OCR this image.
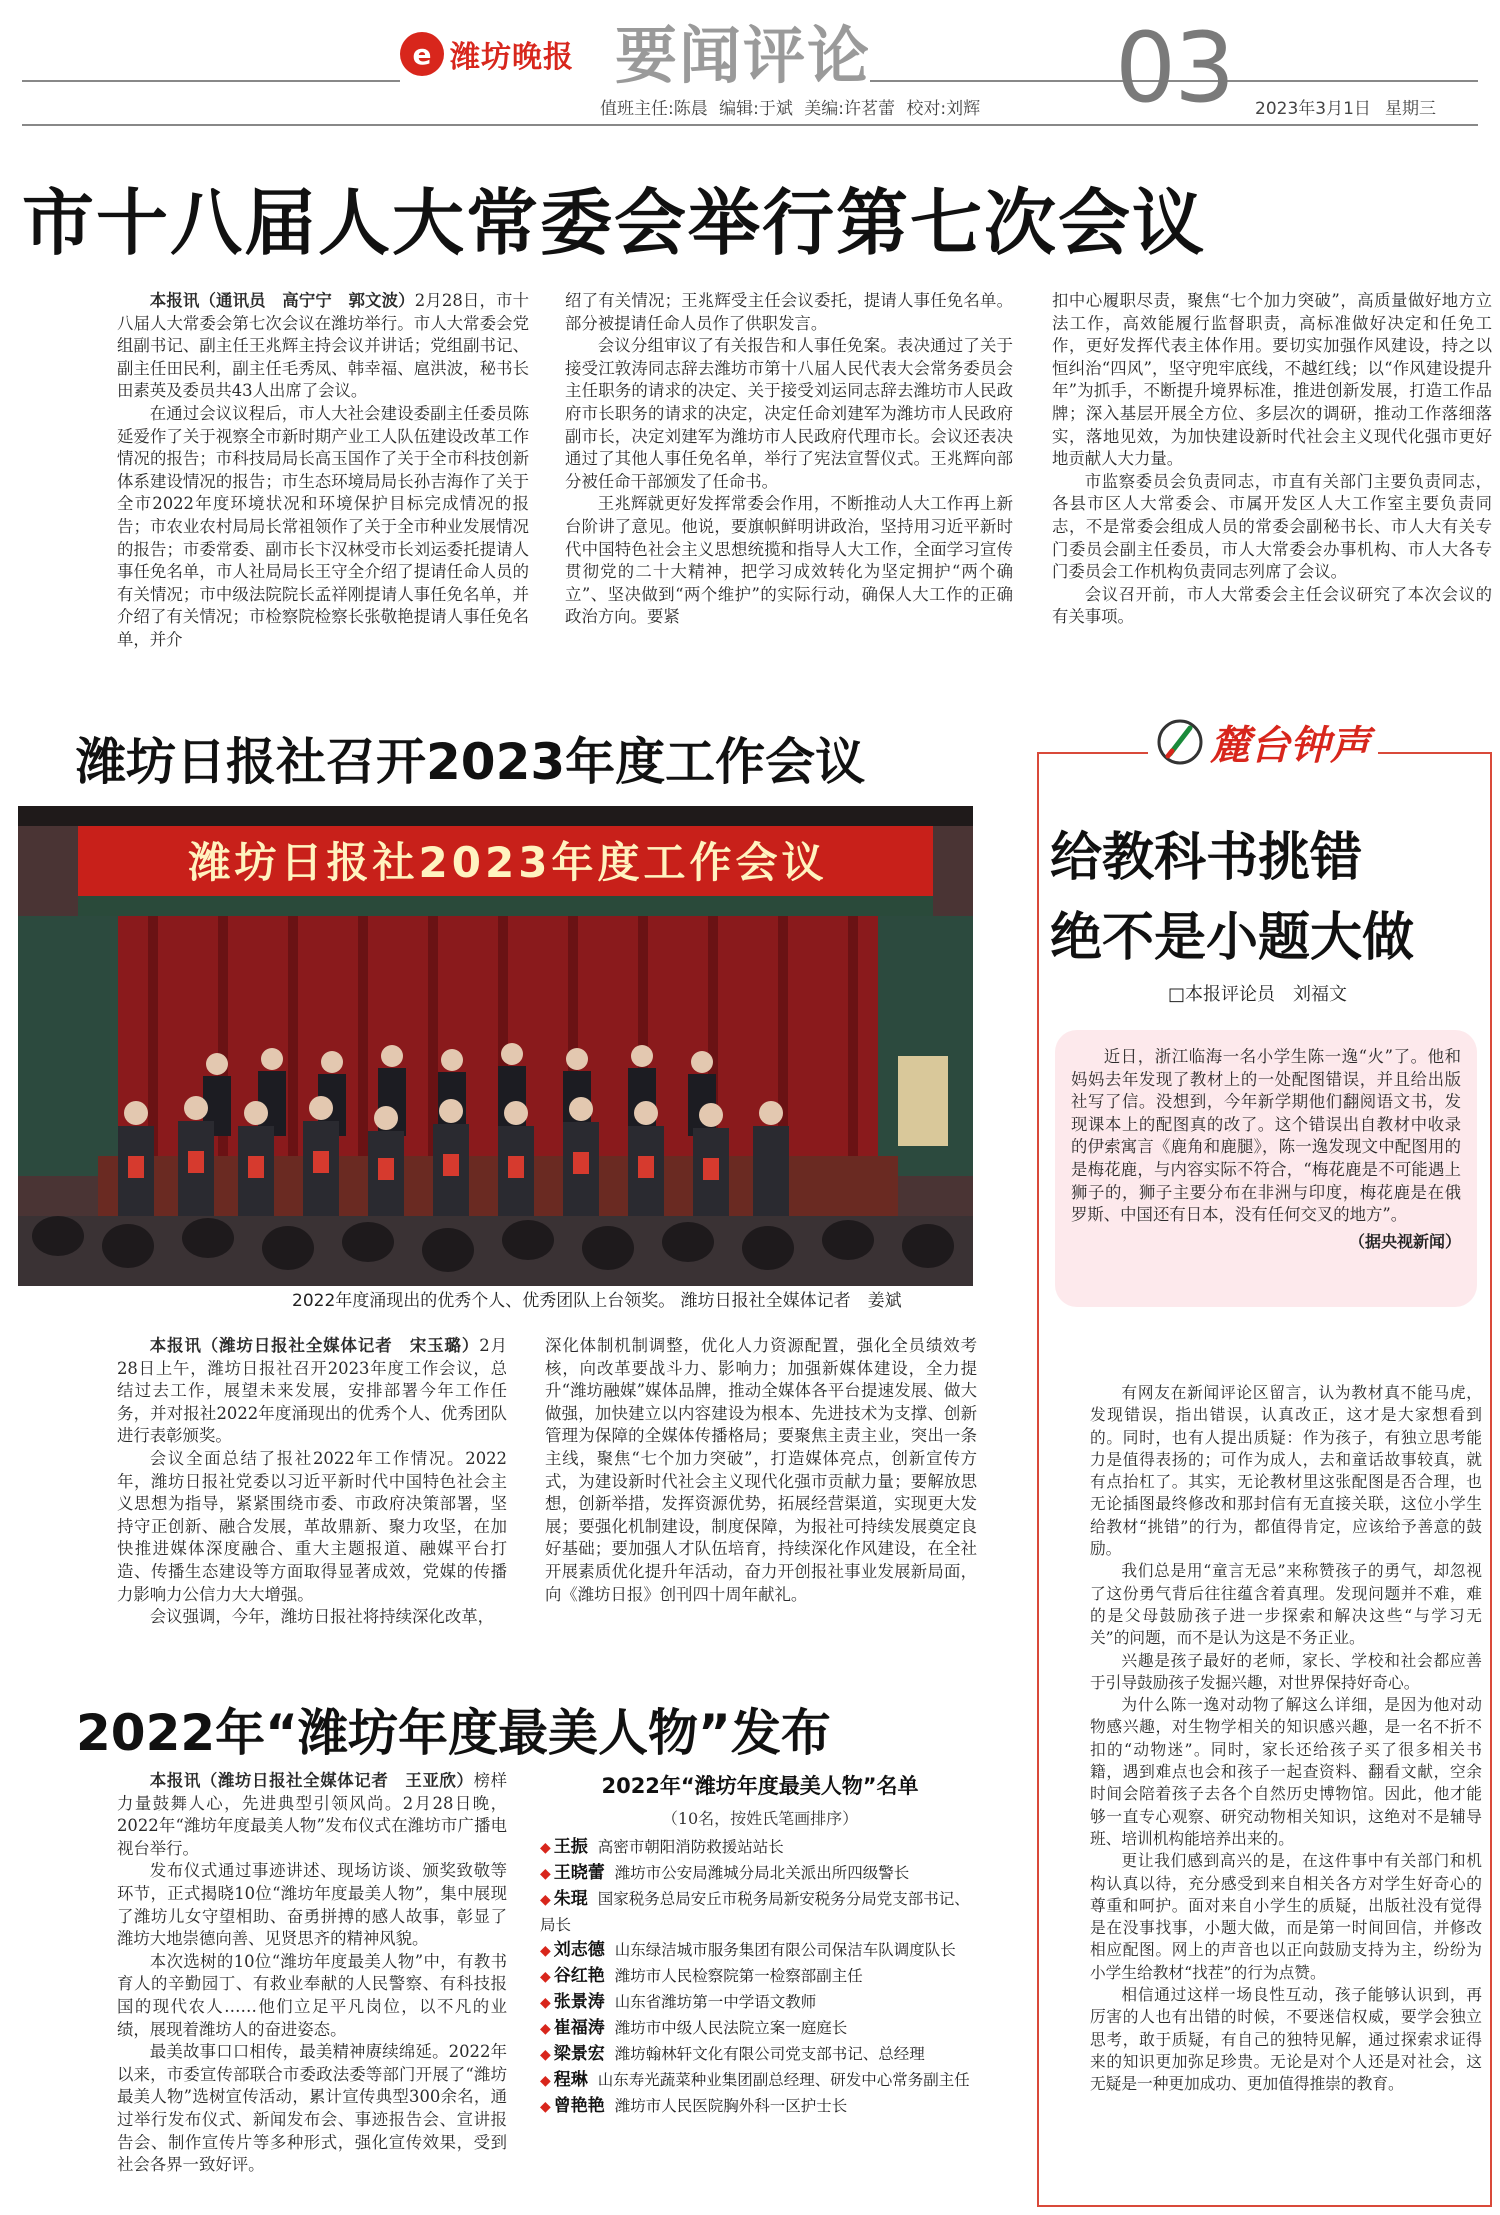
e 潍坊晚报 要闻评论	03
值班主任:陈晨 编辑:于斌 美编:许茗蕾 校对:刘辉	2023年3月1日 星期三
市十八届人大常委会举行第七次会议

本报讯（通讯员　高宁宁　郭文波）2月28日，市十八届人大常委会第七次会议在潍坊举行。市人大常委会党组副书记、副主任王兆辉主持会议并讲话；党组副书记、副主任田民利，副主任毛秀凤、韩幸福、扈洪波，秘书长田素英及委员共43人出席了会议。

在通过会议议程后，市人大社会建设委副主任委员陈延爱作了关于视察全市新时期产业工人队伍建设改革工作情况的报告；市科技局局长高玉国作了关于全市科技创新体系建设情况的报告；市生态环境局局长孙吉海作了关于全市2022年度环境状况和环境保护目标完成情况的报告；市农业农村局局长常祖领作了关于全市种业发展情况的报告；市委常委、副市长卞汉林受市长刘运委托提请人事任免名单，市人社局局长王守全介绍了提请任命人员的有关情况；市中级法院院长孟祥刚提请人事任免名单，并介绍了有关情况；市检察院检察长张敬艳提请人事任免名单，并介

绍了有关情况；王兆辉受主任会议委托，提请人事任免名单。部分被提请任命人员作了供职发言。

会议分组审议了有关报告和人事任免案。表决通过了关于接受江敦涛同志辞去潍坊市第十八届人民代表大会常务委员会主任职务的请求的决定、关于接受刘运同志辞去潍坊市人民政府市长职务的请求的决定，决定任命刘建军为潍坊市人民政府副市长，决定刘建军为潍坊市人民政府代理市长。会议还表决通过了其他人事任免名单，举行了宪法宣誓仪式。王兆辉向部分被任命干部颁发了任命书。

王兆辉就更好发挥常委会作用，不断推动人大工作再上新台阶讲了意见。他说，要旗帜鲜明讲政治，坚持用习近平新时代中国特色社会主义思想统揽和指导人大工作，全面学习宣传贯彻党的二十大精神，把学习成效转化为坚定拥护“两个确立”、坚决做到“两个维护”的实际行动，确保人大工作的正确政治方向。要紧

扣中心履职尽责，聚焦“七个加力突破”，高质量做好地方立法工作，高效能履行监督职责，高标准做好决定和任免工作，更好发挥代表主体作用。要切实加强作风建设，持之以恒纠治“四风”，坚守兜牢底线，不越红线；以“作风建设提升年”为抓手，不断提升境界标准，推进创新发展，打造工作品牌；深入基层开展全方位、多层次的调研，推动工作落细落实，落地见效，为加快建设新时代社会主义现代化强市更好地贡献人大力量。

市监察委员会负责同志，市直有关部门主要负责同志，各县市区人大常委会、市属开发区人大工作室主要负责同志，不是常委会组成人员的常委会副秘书长、市人大有关专门委员会副主任委员，市人大常委会办事机构、市人大各专门委员会工作机构负责同志列席了会议。

会议召开前，市人大常委会主任会议研究了本次会议的有关事项。

潍坊日报社召开2023年度工作会议
潍坊日报社2023年度工作会议
2022年度涌现出的优秀个人、优秀团队上台领奖。 潍坊日报社全媒体记者　姜斌

本报讯（潍坊日报社全媒体记者　宋玉璐）2月28日上午，潍坊日报社召开2023年度工作会议，总结过去工作，展望未来发展，安排部署今年工作任务，并对报社2022年度涌现出的优秀个人、优秀团队进行表彰颁奖。

会议全面总结了报社2022年工作情况。2022年，潍坊日报社党委以习近平新时代中国特色社会主义思想为指导，紧紧围绕市委、市政府决策部署，坚持守正创新、融合发展，革故鼎新、聚力攻坚，在加快推进媒体深度融合、重大主题报道、融媒平台打造、传播生态建设等方面取得显著成效，党媒的传播力影响力公信力大大增强。

会议强调，今年，潍坊日报社将持续深化改革，

深化体制机制调整，优化人力资源配置，强化全员绩效考核，向改革要战斗力、影响力；加强新媒体建设，全力提升“潍坊融媒”媒体品牌，推动全媒体各平台提速发展、做大做强，加快建立以内容建设为根本、先进技术为支撑、创新管理为保障的全媒体传播格局；要聚焦主责主业，突出一条主线，聚焦“七个加力突破”，打造媒体亮点，创新宣传方式，为建设新时代社会主义现代化强市贡献力量；要解放思想，创新举措，发挥资源优势，拓展经营渠道，实现更大发展；要强化机制建设，制度保障，为报社可持续发展奠定良好基础；要加强人才队伍培育，持续深化作风建设，在全社开展素质优化提升年活动，奋力开创报社事业发展新局面，向《潍坊日报》创刊四十周年献礼。

2022年“潍坊年度最美人物”发布

本报讯（潍坊日报社全媒体记者　王亚欣）榜样力量鼓舞人心，先进典型引领风尚。2月28日晚，2022年“潍坊年度最美人物”发布仪式在潍坊市广播电视台举行。

发布仪式通过事迹讲述、现场访谈、颁奖致敬等环节，正式揭晓10位“潍坊年度最美人物”，集中展现了潍坊儿女守望相助、奋勇拼搏的感人故事，彰显了潍坊大地崇德向善、见贤思齐的精神风貌。

本次选树的10位“潍坊年度最美人物”中，有教书育人的辛勤园丁、有救业奉献的人民警察、有科技报国的现代农人……他们立足平凡岗位，以不凡的业绩，展现着潍坊人的奋进姿态。

最美故事口口相传，最美精神赓续绵延。2022年以来，市委宣传部联合市委政法委等部门开展了“潍坊最美人物”选树宣传活动，累计宣传典型300余名，通过举行发布仪式、新闻发布会、事迹报告会、宣讲报告会、制作宣传片等多种形式，强化宣传效果，受到社会各界一致好评。

2022年“潍坊年度最美人物”名单
（10名，按姓氏笔画排序）
◆ 王振 高密市朝阳消防救援站站长
◆ 王晓蕾 潍坊市公安局潍城分局北关派出所四级警长
◆ 朱琨 国家税务总局安丘市税务局新安税务分局党支部书记、局长
◆ 刘志德 山东绿洁城市服务集团有限公司保洁车队调度队长
◆ 谷红艳 潍坊市人民检察院第一检察部副主任
◆ 张景涛 山东省潍坊第一中学语文教师
◆ 崔福涛 潍坊市中级人民法院立案一庭庭长
◆ 梁景宏 潍坊翰林轩文化有限公司党支部书记、总经理
◆ 程琳 山东寿光蔬菜种业集团副总经理、研发中心常务副主任
◆ 曾艳艳 潍坊市人民医院胸外科一区护士长
麓台钟声
给教科书挑错
绝不是小题大做
□本报评论员　刘福文

近日，浙江临海一名小学生陈一逸“火”了。他和妈妈去年发现了教材上的一处配图错误，并且给出版社写了信。没想到，今年新学期他们翻阅语文书，发现课本上的配图真的改了。这个错误出自教材中收录的伊索寓言《鹿角和鹿腿》，陈一逸发现文中配图用的是梅花鹿，与内容实际不符合，“梅花鹿是不可能遇上狮子的，狮子主要分布在非洲与印度，梅花鹿是在俄罗斯、中国还有日本，没有任何交叉的地方”。

（据央视新闻）

有网友在新闻评论区留言，认为教材真不能马虎，发现错误，指出错误，认真改正，这才是大家想看到的。同时，也有人提出质疑：作为孩子，有独立思考能力是值得表扬的；可作为成人，去和童话故事较真，就有点抬杠了。其实，无论教材里这张配图是否合理，也无论插图最终修改和那封信有无直接关联，这位小学生给教材“挑错”的行为，都值得肯定，应该给予善意的鼓励。

我们总是用“童言无忌”来称赞孩子的勇气，却忽视了这份勇气背后往往蕴含着真理。发现问题并不难，难的是父母鼓励孩子进一步探索和解决这些“与学习无关”的问题，而不是认为这是不务正业。

兴趣是孩子最好的老师，家长、学校和社会都应善于引导鼓励孩子发掘兴趣，对世界保持好奇心。

为什么陈一逸对动物了解这么详细，是因为他对动物感兴趣，对生物学相关的知识感兴趣，是一名不折不扣的“动物迷”。同时，家长还给孩子买了很多相关书籍，遇到难点也会和孩子一起查资料、翻看文献，空余时间会陪着孩子去各个自然历史博物馆。因此，他才能够一直专心观察、研究动物相关知识，这绝对不是辅导班、培训机构能培养出来的。

更让我们感到高兴的是，在这件事中有关部门和机构认真以待，充分感受到来自相关各方对学生好奇心的尊重和呵护。面对来自小学生的质疑，出版社没有觉得是在没事找事，小题大做，而是第一时间回信，并修改相应配图。网上的声音也以正向鼓励支持为主，纷纷为小学生给教材“找茬”的行为点赞。

相信通过这样一场良性互动，孩子能够认识到，再厉害的人也有出错的时候，不要迷信权威，要学会独立思考，敢于质疑，有自己的独特见解，通过探索求证得来的知识更加弥足珍贵。无论是对个人还是对社会，这无疑是一种更加成功、更加值得推崇的教育。
